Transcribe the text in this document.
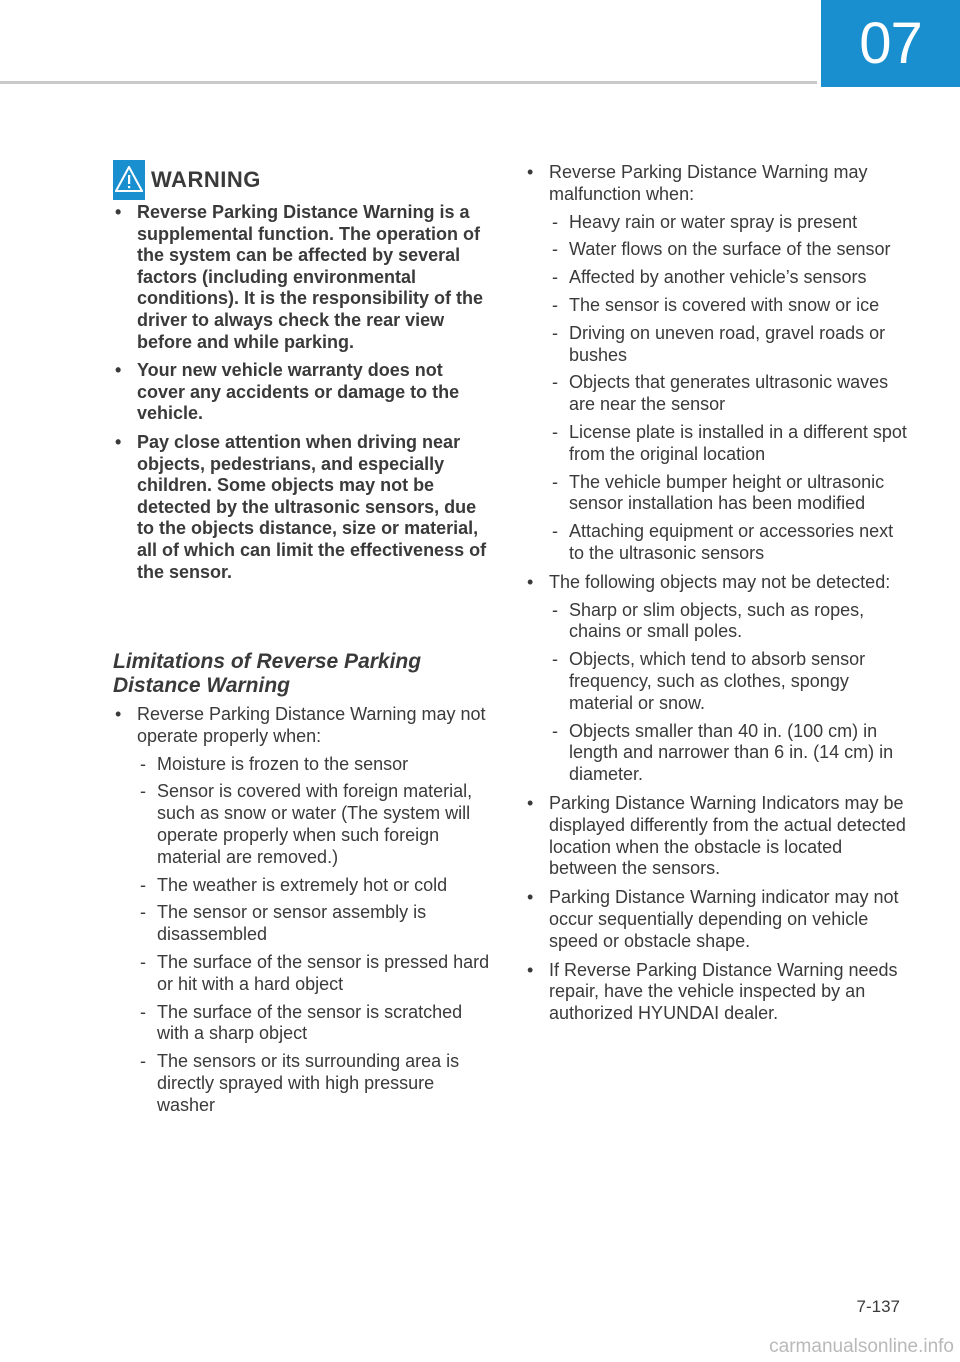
07
WARNING
• Reverse Parking Distance Warning is a supplemental function. The operation of the system can be affected by several factors (including environmental conditions). It is the responsibility of the driver to always check the rear view before and while parking.
• Your new vehicle warranty does not cover any accidents or damage to the vehicle.
• Pay close attention when driving near objects, pedestrians, and especially children. Some objects may not be detected by the ultrasonic sensors, due to the objects distance, size or material, all of which can limit the effectiveness of the sensor.
Limitations of Reverse Parking Distance Warning
• Reverse Parking Distance Warning may not operate properly when:
- Moisture is frozen to the sensor
- Sensor is covered with foreign material, such as snow or water (The system will operate properly when such foreign material are removed.)
- The weather is extremely hot or cold
- The sensor or sensor assembly is disassembled
- The surface of the sensor is pressed hard or hit with a hard object
- The surface of the sensor is scratched with a sharp object
- The sensors or its surrounding area is directly sprayed with high pressure washer
• Reverse Parking Distance Warning may malfunction when:
- Heavy rain or water spray is present
- Water flows on the surface of the sensor
- Affected by another vehicle’s sensors
- The sensor is covered with snow or ice
- Driving on uneven road, gravel roads or bushes
- Objects that generates ultrasonic waves are near the sensor
- License plate is installed in a different spot from the original location
- The vehicle bumper height or ultrasonic sensor installation has been modified
- Attaching equipment or accessories next to the ultrasonic sensors
• The following objects may not be detected:
- Sharp or slim objects, such as ropes, chains or small poles.
- Objects, which tend to absorb sensor frequency, such as clothes, spongy material or snow.
- Objects smaller than 40 in. (100 cm) in length and narrower than 6 in. (14 cm) in diameter.
• Parking Distance Warning Indicators may be displayed differently from the actual detected location when the obstacle is located between the sensors.
• Parking Distance Warning indicator may not occur sequentially depending on vehicle speed or obstacle shape.
• If Reverse Parking Distance Warning needs repair, have the vehicle inspected by an authorized HYUNDAI dealer.
7-137
carmanualsonline.info
